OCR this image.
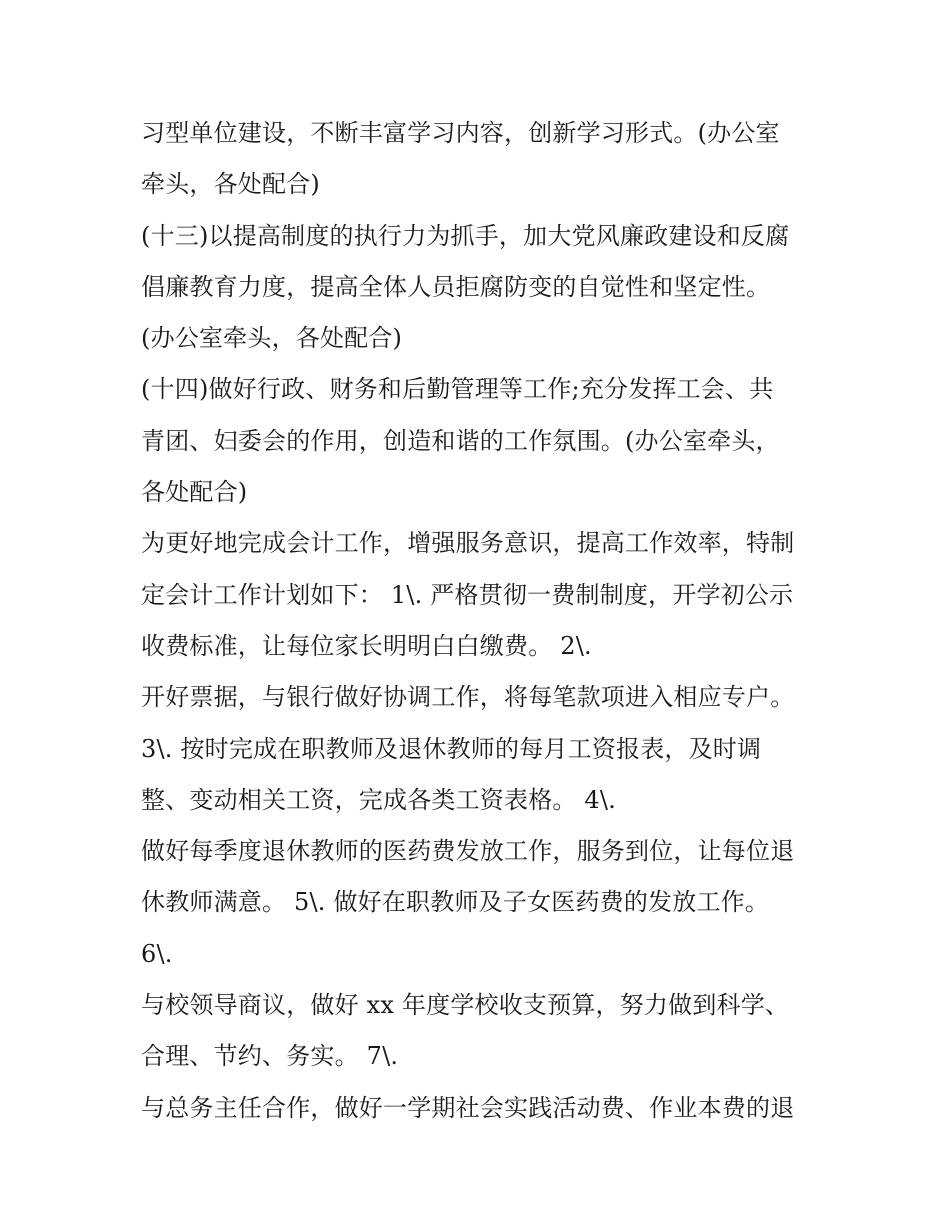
习型单位建设，不断丰富学习内容，创新学习形式。(办公室
牵头，各处配合)
(十三)以提高制度的执行力为抓手，加大党风廉政建设和反腐
倡廉教育力度，提高全体人员拒腐防变的自觉性和坚定性。
(办公室牵头，各处配合)
(十四)做好行政、财务和后勤管理等工作;充分发挥工会、共
青团、妇委会的作用，创造和谐的工作氛围。(办公室牵头，
各处配合)
为更好地完成会计工作，增强服务意识，提高工作效率，特制
定会计工作计划如下： 1\. 严格贯彻一费制制度，开学初公示
收费标准，让每位家长明明白白缴费。 2\.
开好票据，与银行做好协调工作，将每笔款项进入相应专户。
3\. 按时完成在职教师及退休教师的每月工资报表，及时调
整、变动相关工资，完成各类工资表格。 4\.
做好每季度退休教师的医药费发放工作，服务到位，让每位退
休教师满意。 5\. 做好在职教师及子女医药费的发放工作。
6\.
与校领导商议，做好 xx 年度学校收支预算，努力做到科学、
合理、节约、务实。 7\.
与总务主任合作，做好一学期社会实践活动费、作业本费的退
